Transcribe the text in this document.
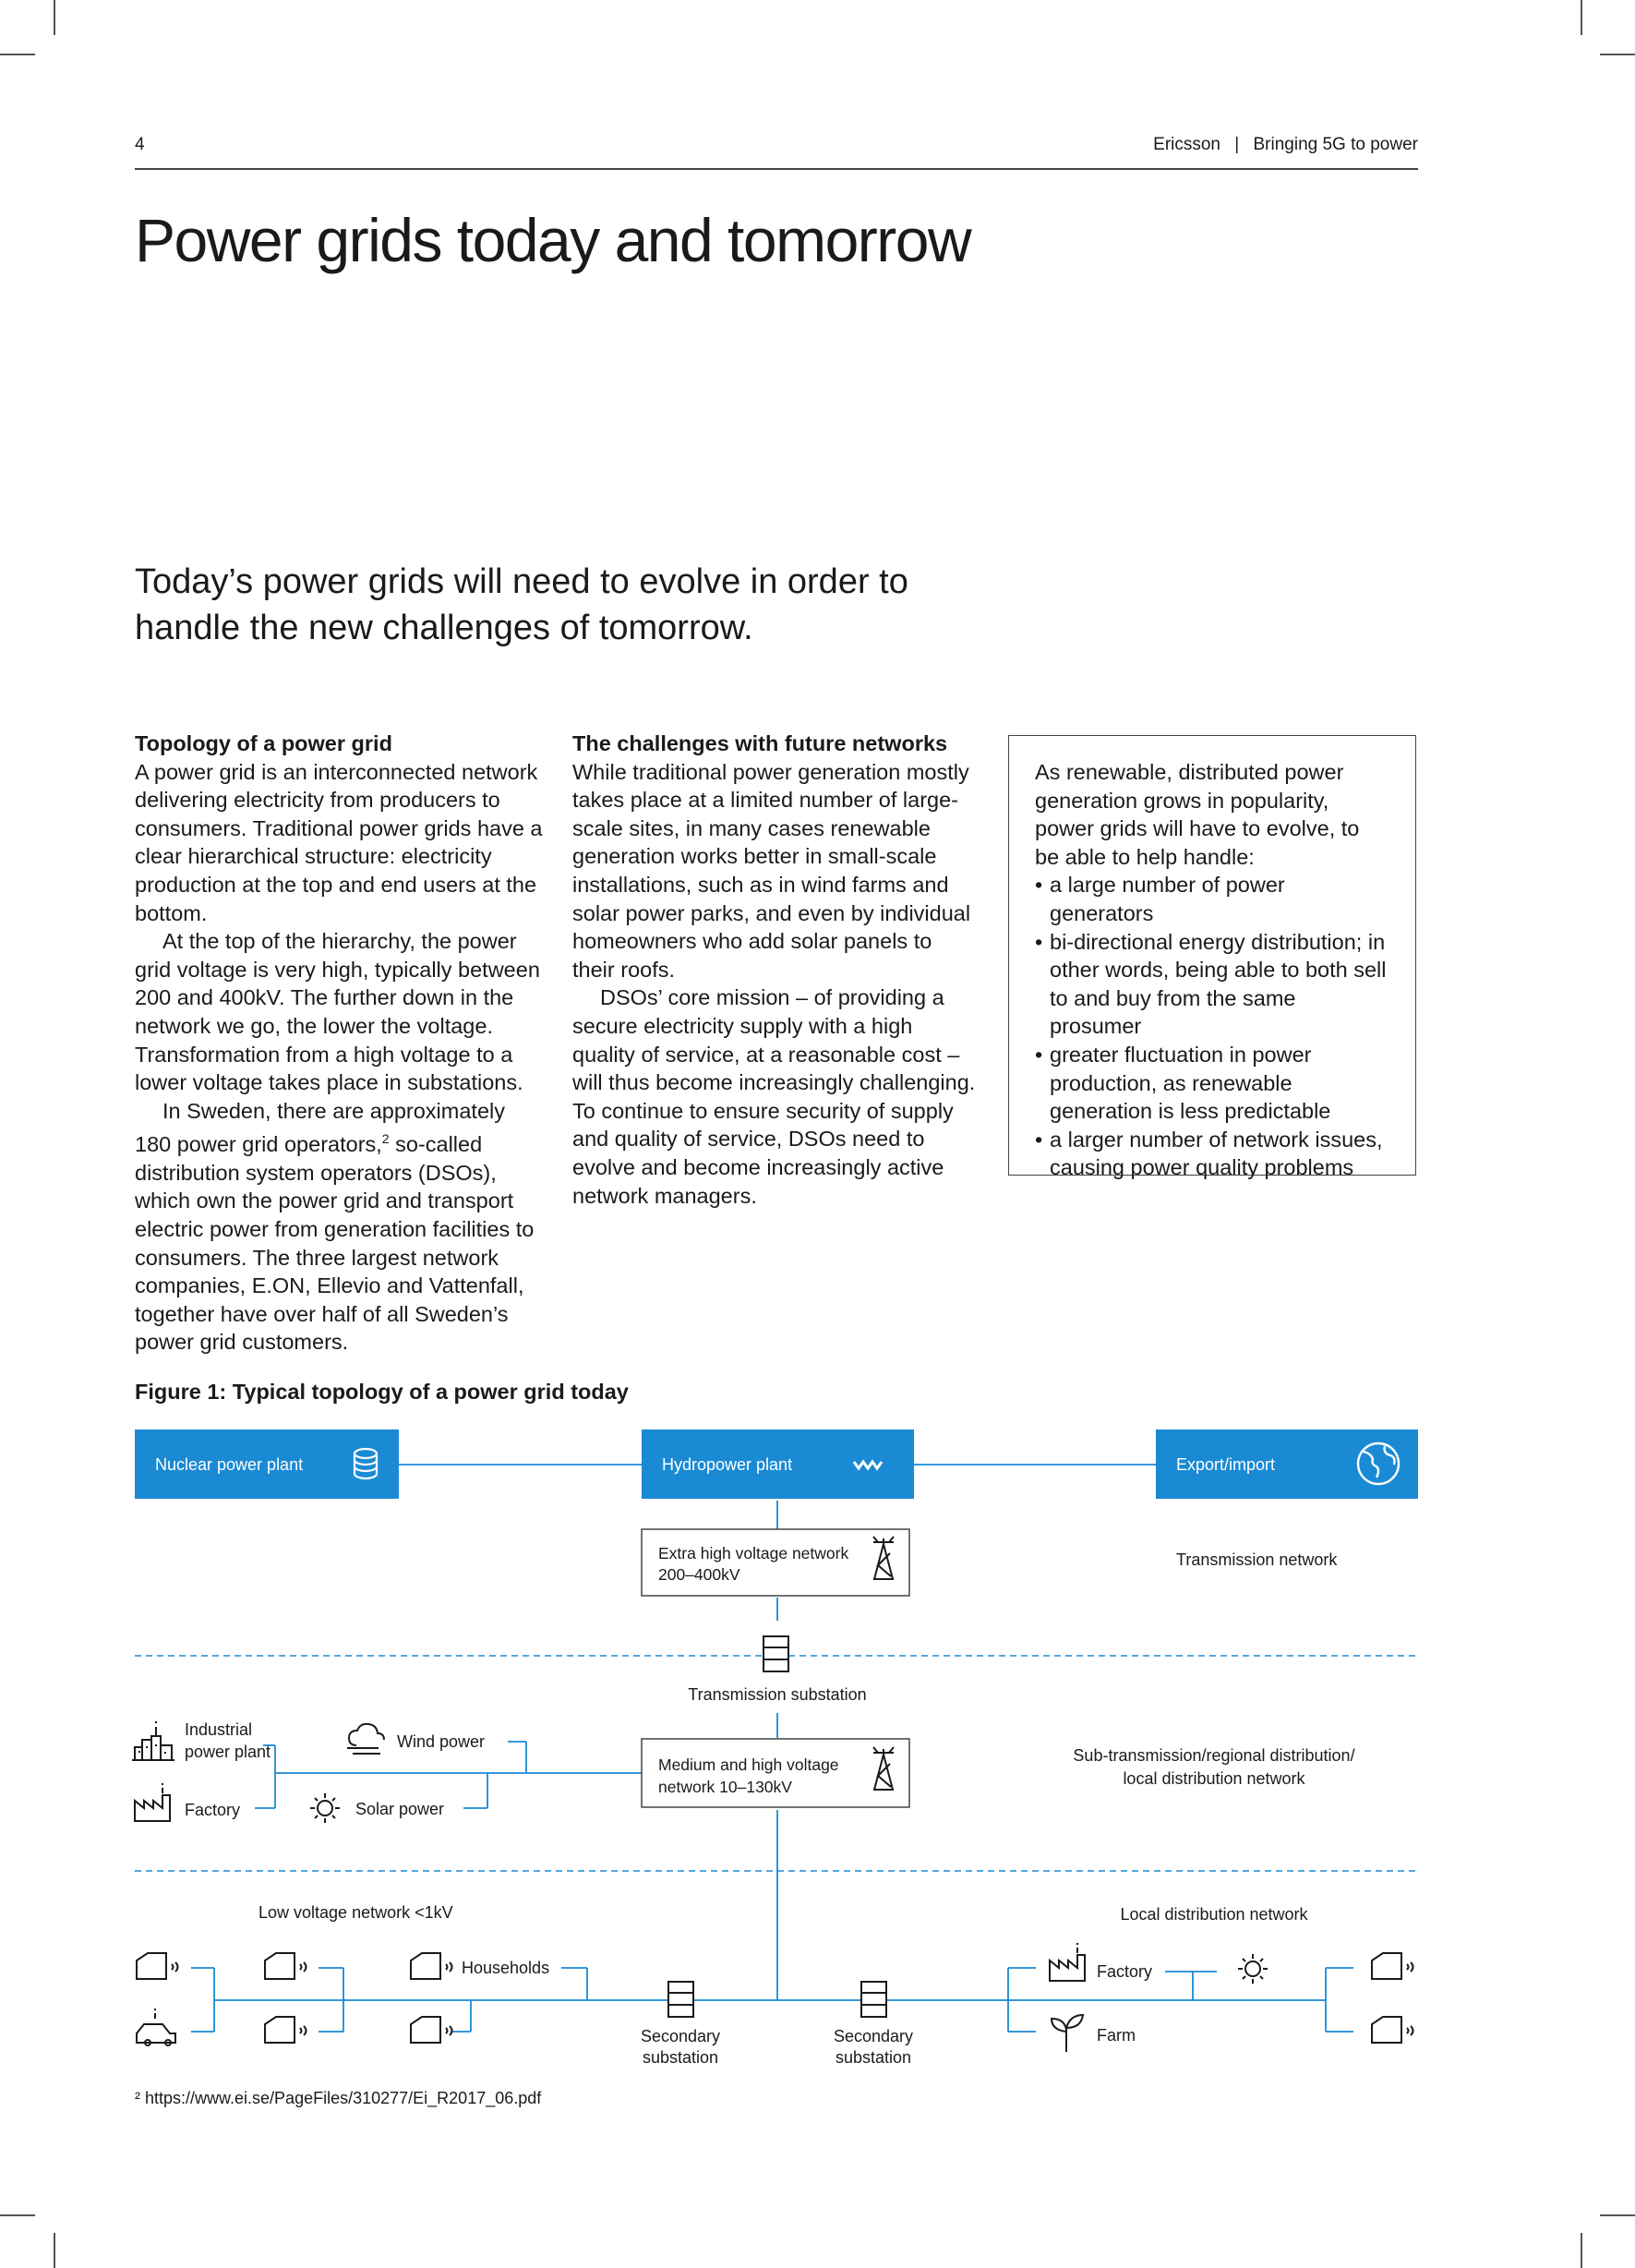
4	Ericsson | Bringing 5G to power
Power grids today and tomorrow

Today’s power grids will need to evolve in order to handle the new challenges of tomorrow.

Topology of a power grid

A power grid is an interconnected network delivering electricity from producers to consumers. Traditional power grids have a clear hierarchical structure: electricity production at the top and end users at the bottom.

At the top of the hierarchy, the power grid voltage is very high, typically between 200 and 400kV. The further down in the network we go, the lower the voltage. Transformation from a high voltage to a lower voltage takes place in substations.

In Sweden, there are approximately 180 power grid operators,$^2$ so-called distribution system operators (DSOs), which own the power grid and transport electric power from generation facilities to consumers. The three largest network companies, E.ON, Ellevio and Vattenfall, together have over half of all Sweden’s power grid customers.

The challenges with future networks

While traditional power generation mostly takes place at a limited number of large-scale sites, in many cases renewable generation works better in small-scale installations, such as in wind farms and solar power parks, and even by individual homeowners who add solar panels to their roofs.

DSOs’ core mission – of providing a secure electricity supply with a high quality of service, at a reasonable cost – will thus become increasingly challenging. To continue to ensure security of supply and quality of service, DSOs need to evolve and become increasingly active network managers.

As renewable, distributed power generation grows in popularity, power grids will have to evolve, to be able to help handle:

• a large number of power generators
• bi-directional energy distribution; in other words, being able to both sell to and buy from the same prosumer
• greater fluctuation in power production, as renewable generation is less predictable
• a larger number of network issues, causing power quality problems
Figure 1: Typical topology of a power grid today
Nuclear power plant	Hydropower plant	Export/import
Extra high voltage network
200–400kV
Transmission network
Transmission substation
Industrial
power plant
Wind power
Factory	Solar power
Medium and high voltage
network 10–130kV
Sub-transmission/regional distribution/
local distribution network
Low voltage network <1kV	Local distribution network
Households
Secondary
substation
Secondary
substation
Factory
Farm
² https://www.ei.se/PageFiles/310277/Ei_R2017_06.pdf
